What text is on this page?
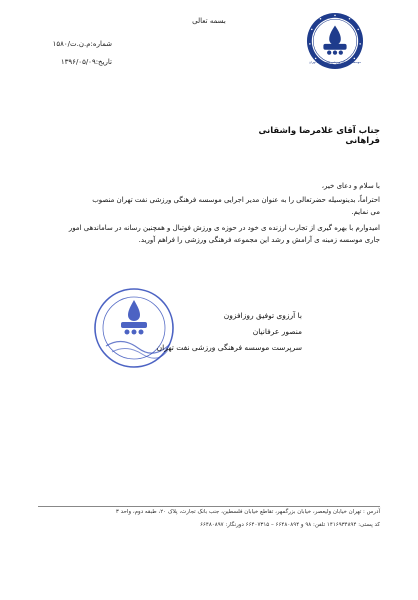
بسمه تعالی
موسسه فرهنگی ورزشی صنعت نفت تهران
شماره:م.ن.ت/۱۵۸۰
تاریخ:۱۳۹۶/۰۵/۰۹
جناب آقای غلامرضا واشقانی فراهانی

با سلام و دعای خیر،

احتراماً، بدینوسیله حضرتعالی را به عنوان مدیر اجرایی موسسه فرهنگی ورزشی نفت تهران منصوب

می نمایم.

امیدوارم با بهره گیری از تجارب ارزنده ی خود در حوزه ی ورزش فوتبال و همچنین رسانه در ساماندهی امور

جاری موسسه زمینه ی آرامش و رشد این مجموعه فرهنگی ورزشی را فراهم آورید.

با آرزوی توفیق روزافزون
منصور عرفانیان
سرپرست موسسه فرهنگی ورزشی نفت تهران
آدرس : تهران خیابان ولیعصر، خیابان بزرگمهر، تقاطع خیابان فلسطین، جنب بانک تجارت، پلاک ۲۰، طبقه دوم، واحد ۳
کد پستی: ۱۴۱۶۹۳۴۸۹۴ تلفن: ۹۸ و ۶۶۴۸۰۸۹۴ – ۶۶۴۰۷۳۱۵ دورنگار: ۶۶۴۸۰۸۹۷
